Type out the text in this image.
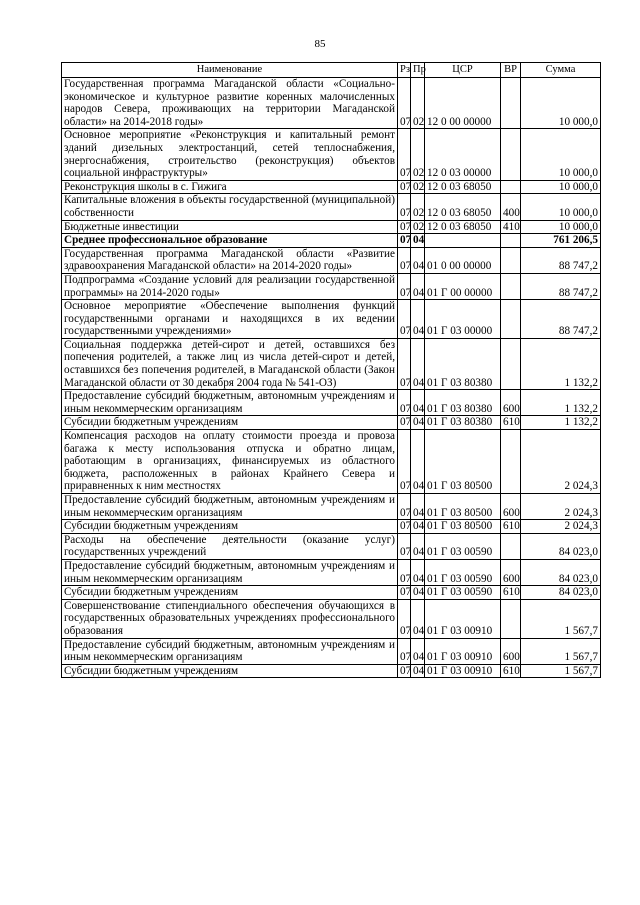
85
Наименование	Рз	Пр	ЦСР	ВР	Сумма
Государственная программа Магаданской области «Социально-экономическое и культурное развитие коренных малочисленных народов Севера, проживающих на территории Магаданской области» на 2014-2018 годы»	07	02	12 0 00 00000		10 000,0
Основное мероприятие «Реконструкция и капитальный ремонт зданий дизельных электростанций, сетей теплоснабжения, энергоснабжения, строительство (реконструкция) объектов социальной инфраструктуры»	07	02	12 0 03 00000		10 000,0
Реконструкция школы в с. Гижига	07	02	12 0 03 68050		10 000,0
Капитальные вложения в объекты государственной (муниципальной) собственности	07	02	12 0 03 68050	400	10 000,0
Бюджетные инвестиции	07	02	12 0 03 68050	410	10 000,0
Среднее профессиональное образование	07	04			761 206,5
Государственная программа Магаданской области «Развитие здравоохранения Магаданской области» на 2014-2020 годы»	07	04	01 0 00 00000		88 747,2
Подпрограмма «Создание условий для реализации государственной программы» на 2014-2020 годы»	07	04	01 Г 00 00000		88 747,2
Основное мероприятие «Обеспечение выполнения функций государственными органами и находящихся в их ведении государственными учреждениями»	07	04	01 Г 03 00000		88 747,2
Социальная поддержка детей-сирот и детей, оставшихся без попечения родителей, а также лиц из числа детей-сирот и детей, оставшихся без попечения родителей, в Магаданской области (Закон Магаданской области от 30 декабря 2004 года № 541-ОЗ)	07	04	01 Г 03 80380		1 132,2
Предоставление субсидий бюджетным, автономным учреждениям и иным некоммерческим организациям	07	04	01 Г 03 80380	600	1 132,2
Субсидии бюджетным учреждениям	07	04	01 Г 03 80380	610	1 132,2
Компенсация расходов на оплату стоимости проезда и провоза багажа к месту использования отпуска и обратно лицам, работающим в организациях, финансируемых из областного бюджета, расположенных в районах Крайнего Севера и приравненных к ним местностях	07	04	01 Г 03 80500		2 024,3
Предоставление субсидий бюджетным, автономным учреждениям и иным некоммерческим организациям	07	04	01 Г 03 80500	600	2 024,3
Субсидии бюджетным учреждениям	07	04	01 Г 03 80500	610	2 024,3
Расходы на обеспечение деятельности (оказание услуг) государственных учреждений	07	04	01 Г 03 00590		84 023,0
Предоставление субсидий бюджетным, автономным учреждениям и иным некоммерческим организациям	07	04	01 Г 03 00590	600	84 023,0
Субсидии бюджетным учреждениям	07	04	01 Г 03 00590	610	84 023,0
Совершенствование стипендиального обеспечения обучающихся в государственных образовательных учреждениях профессионального образования	07	04	01 Г 03 00910		1 567,7
Предоставление субсидий бюджетным, автономным учреждениям и иным некоммерческим организациям	07	04	01 Г 03 00910	600	1 567,7
Субсидии бюджетным учреждениям	07	04	01 Г 03 00910	610	1 567,7
